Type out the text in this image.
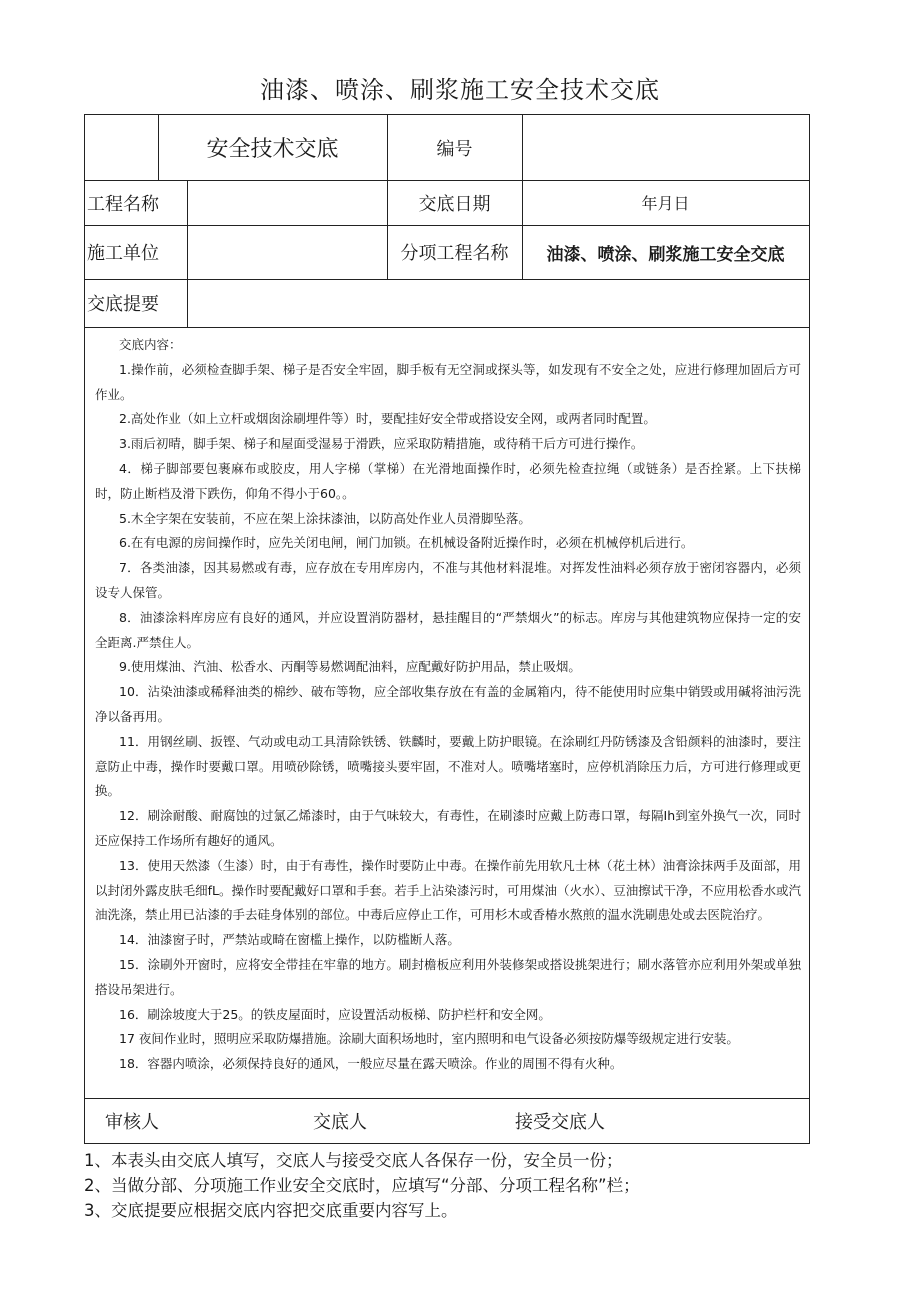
油漆、喷涂、刷浆施工安全技术交底
安全技术交底	编号
工程名称	交底日期	年月日
施工单位	分项工程名称	油漆、喷涂、刷浆施工安全交底
交底提要
交底内容：
1.操作前，必须检查脚手架、梯子是否安全牢固，脚手板有无空洞或探头等，如发现有不安全之处，应进行修理加固后方可作业。
2.高处作业（如上立杆或烟囱涂刷埋件等）时，要配挂好安全带或搭设安全网，或两者同时配置。
3.雨后初晴，脚手架、梯子和屋面受湿易于滑跌，应采取防精措施，或待稍干后方可进行操作。
4．梯子脚部要包裹麻布或胶皮，用人字梯（掌梯）在光滑地面操作时，必须先检查拉绳（或链条）是否拴紧。上下扶梯时，防止断档及滑下跌伤，仰角不得小于60。。
5.木全字架在安装前，不应在架上涂抹漆油，以防高处作业人员滑脚坠落。
6.在有电源的房间操作时，应先关闭电闸，闸门加锁。在机械设备附近操作时，必须在机械停机后进行。
7．各类油漆，因其易燃或有毒，应存放在专用库房内，不准与其他材料混堆。对挥发性油料必须存放于密闭容器内，必须设专人保管。
8．油漆涂料库房应有良好的通风，并应设置消防器材，悬挂醒目的“严禁烟火”的标志。库房与其他建筑物应保持一定的安全距离.严禁住人。
9.使用煤油、汽油、松香水、丙酮等易燃调配油料，应配戴好防护用品，禁止吸烟。
10．沾染油漆或稀释油类的棉纱、破布等物，应全部收集存放在有盖的金属箱内，待不能使用时应集中销毁或用碱将油污洗净以备再用。
11．用钢丝刷、扳铿、气动或电动工具清除铁锈、铁麟时，要戴上防护眼镜。在涂刷红丹防锈漆及含铅颜料的油漆时，要注意防止中毒，操作时要戴口罩。用喷砂除锈，喷嘴接头要牢固，不准对人。喷嘴堵塞时，应停机消除压力后，方可进行修理或更换。
12．刷涂耐酸、耐腐蚀的过氯乙烯漆时，由于气味较大，有毒性，在刷漆时应戴上防毒口罩，每隔Ih到室外换气一次，同时还应保持工作场所有趣好的通风。
13．使用天然漆（生漆）时，由于有毒性，操作时要防止中毒。在操作前先用软凡士林（花土林）油膏涂抹两手及面部，用以封闭外露皮肤毛细fL。操作时要配戴好口罩和手套。若手上沾染漆污时，可用煤油（火水）、豆油擦试干净，不应用松香水或汽油洗涤，禁止用已沾漆的手去硅身体别的部位。中毒后应停止工作，可用杉木或香椿水熬煎的温水洗刷患处或去医院治疗。
14．油漆窗子时，严禁站或畸在窗槛上操作，以防槛断人落。
15．涂刷外开窗时，应将安全带挂在牢靠的地方。刷封檐板应利用外装修架或搭设挑架进行；刷水落管亦应利用外架或单独搭设吊架进行。
16．刷涂坡度大于25。的铁皮屋面时，应设置活动板梯、防护栏杆和安全网。
17 夜间作业时，照明应采取防爆措施。涂刷大面积场地时，室内照明和电气设备必须按防爆等级规定进行安装。
18．容器内喷涂，必须保持良好的通风，一般应尽量在露天喷涂。作业的周围不得有火种。
审核人	交底人	接受交底人
1、本表头由交底人填写，交底人与接受交底人各保存一份，安全员一份；
2、当做分部、分项施工作业安全交底时，应填写“分部、分项工程名称”栏；
3、交底提要应根据交底内容把交底重要内容写上。
